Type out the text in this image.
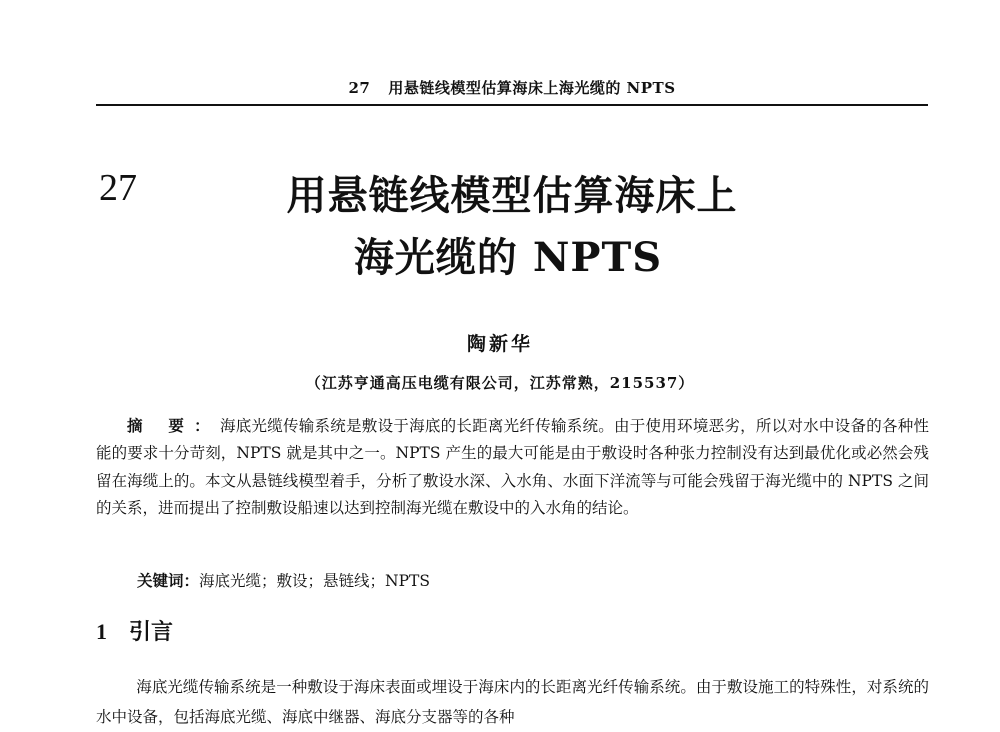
27 用悬链线模型估算海床上海光缆的 NPTS
27	用悬链线模型估算海床上
海光缆的 NPTS
陶新华
（江苏亨通高压电缆有限公司，江苏常熟，215537）

摘 要：海底光缆传输系统是敷设于海底的长距离光纤传输系统。由于使用环境恶劣，所以对水中设备的各种性能的要求十分苛刻，NPTS 就是其中之一。NPTS 产生的最大可能是由于敷设时各种张力控制没有达到最优化或必然会残留在海缆上的。本文从悬链线模型着手，分析了敷设水深、入水角、水面下洋流等与可能会残留于海光缆中的 NPTS 之间的关系，进而提出了控制敷设船速以达到控制海光缆在敷设中的入水角的结论。

关键词：海底光缆；敷设；悬链线；NPTS
1 引言

海底光缆传输系统是一种敷设于海床表面或埋设于海床内的长距离光纤传输系统。由于敷设施工的特殊性，对系统的水中设备，包括海底光缆、海底中继器、海底分支器等的各种
